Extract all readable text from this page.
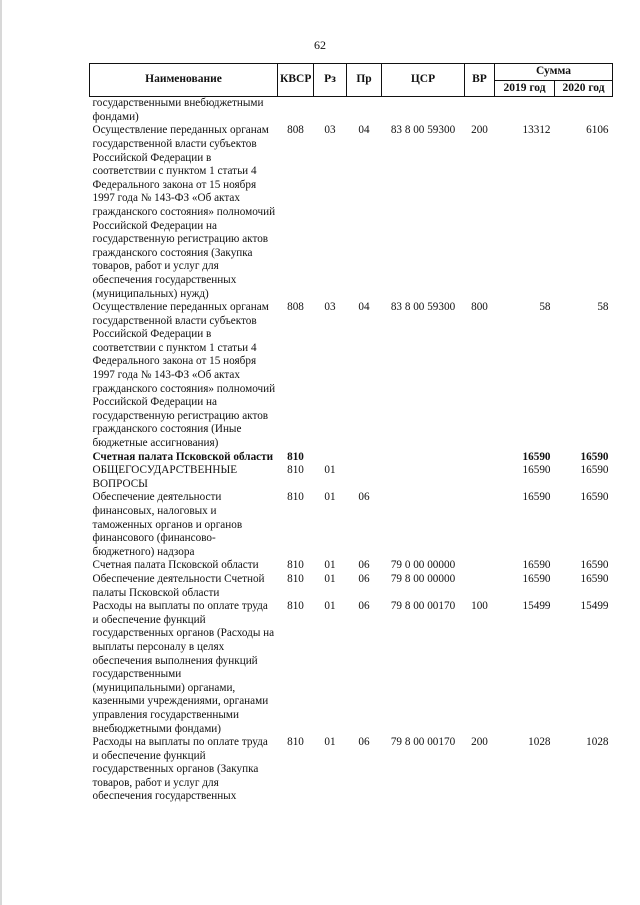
62
Наименование	КВСР	Рз	Пр	ЦСР	ВР	Сумма	
						2019 год	2020 год
государственными внебюджетными фондами)							
Осуществление переданных органам государственной власти субъектов Российской Федерации в соответствии с пунктом 1 статьи 4 Федерального закона от 15 ноября 1997 года № 143-ФЗ «Об актах гражданского состояния» полномочий Российской Федерации на государственную регистрацию актов гражданского состояния (Закупка товаров, работ и услуг для обеспечения государственных (муниципальных) нужд)	808	03	04	83 8 00 59300	200	13312	6106
Осуществление переданных органам государственной власти субъектов Российской Федерации в соответствии с пунктом 1 статьи 4 Федерального закона от 15 ноября 1997 года № 143-ФЗ «Об актах гражданского состояния» полномочий Российской Федерации на государственную регистрацию актов гражданского состояния (Иные бюджетные ассигнования)	808	03	04	83 8 00 59300	800	58	58
Счетная палата Псковской области	810					16590	16590
ОБЩЕГОСУДАРСТВЕННЫЕ ВОПРОСЫ	810	01				16590	16590
Обеспечение деятельности финансовых, налоговых и таможенных органов и органов финансового (финансово-бюджетного) надзора	810	01	06			16590	16590
Счетная палата Псковской области	810	01	06	79 0 00 00000		16590	16590
Обеспечение деятельности Счетной палаты Псковской области	810	01	06	79 8 00 00000		16590	16590
Расходы на выплаты по оплате труда и обеспечение функций государственных органов (Расходы на выплаты персоналу в целях обеспечения выполнения функций государственными (муниципальными) органами, казенными учреждениями, органами управления государственными внебюджетными фондами)	810	01	06	79 8 00 00170	100	15499	15499
Расходы на выплаты по оплате труда и обеспечение функций государственных органов (Закупка товаров, работ и услуг для обеспечения государственных	810	01	06	79 8 00 00170	200	1028	1028
